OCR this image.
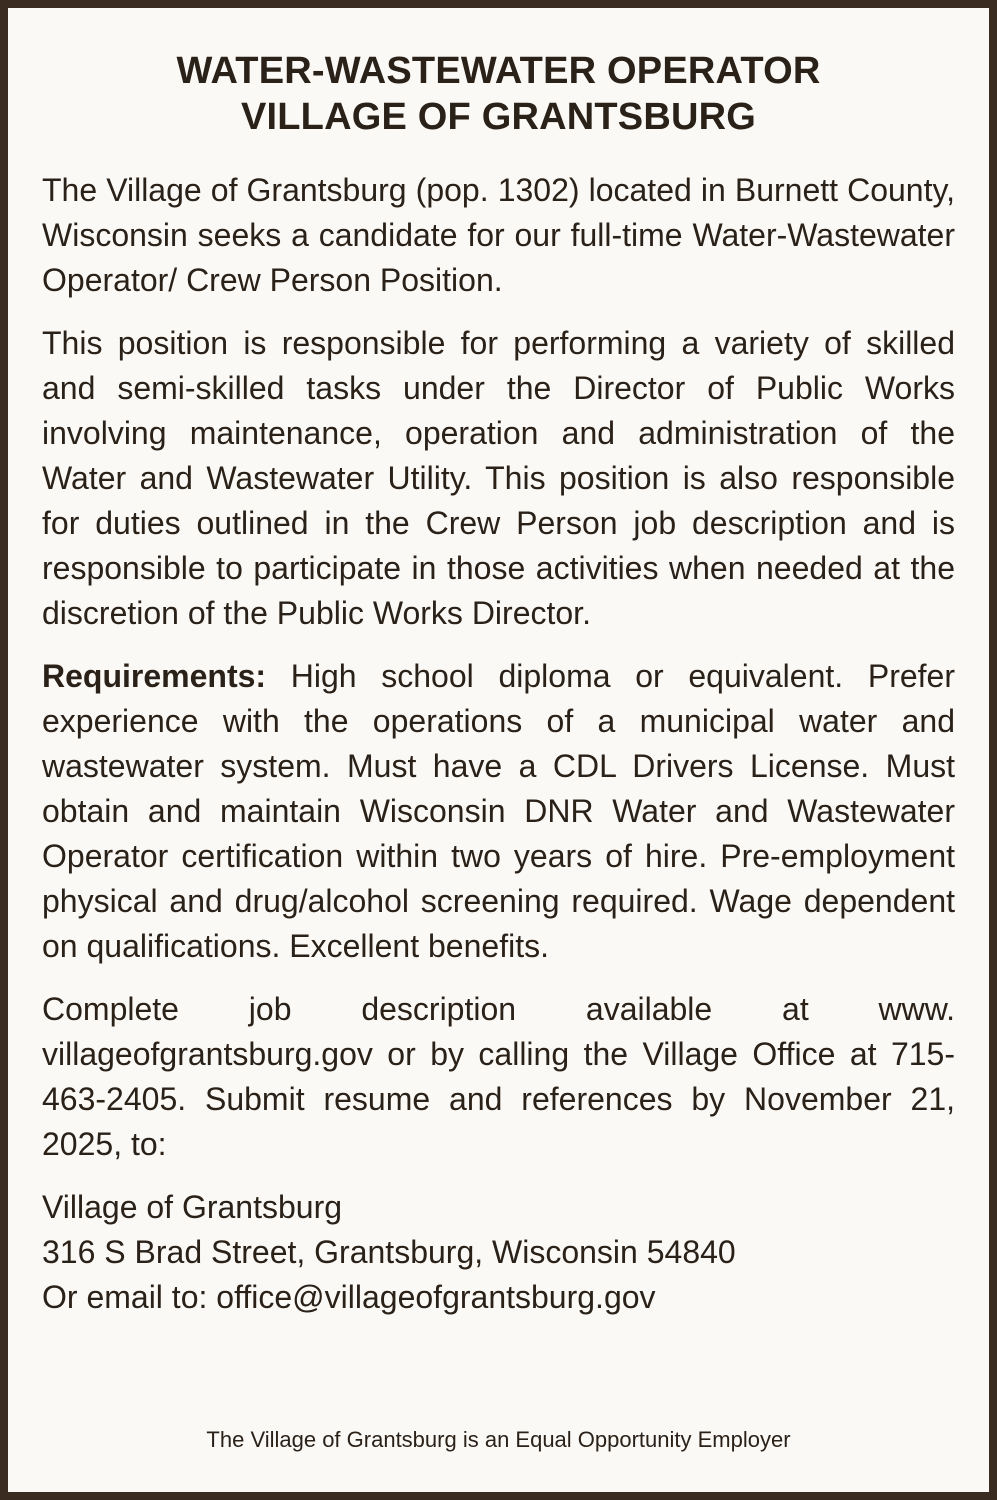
WATER-WASTEWATER OPERATOR
VILLAGE OF GRANTSBURG

The Village of Grantsburg (pop. 1302) located in Burnett County, Wisconsin seeks a candidate for our full-time Water-Wastewater Operator/ Crew Person Position.

This position is responsible for performing a variety of skilled and semi-skilled tasks under the Director of Public Works involving maintenance, operation and administration of the Water and Wastewater Utility. This position is also responsible for duties outlined in the Crew Person job description and is responsible to participate in those activities when needed at the discretion of the Public Works Director.

Requirements: High school diploma or equivalent. Prefer experience with the operations of a municipal water and wastewater system. Must have a CDL Drivers License. Must obtain and maintain Wisconsin DNR Water and Wastewater Operator certification within two years of hire. Pre-employment physical and drug/alcohol screening required. Wage dependent on qualifications. Excellent benefits.

Complete job description available at www. villageofgrantsburg.gov or by calling the Village Office at 715-463-2405. Submit resume and references by November 21, 2025, to:

Village of Grantsburg
316 S Brad Street, Grantsburg, Wisconsin 54840
Or email to: office@villageofgrantsburg.gov

The Village of Grantsburg is an Equal Opportunity Employer
